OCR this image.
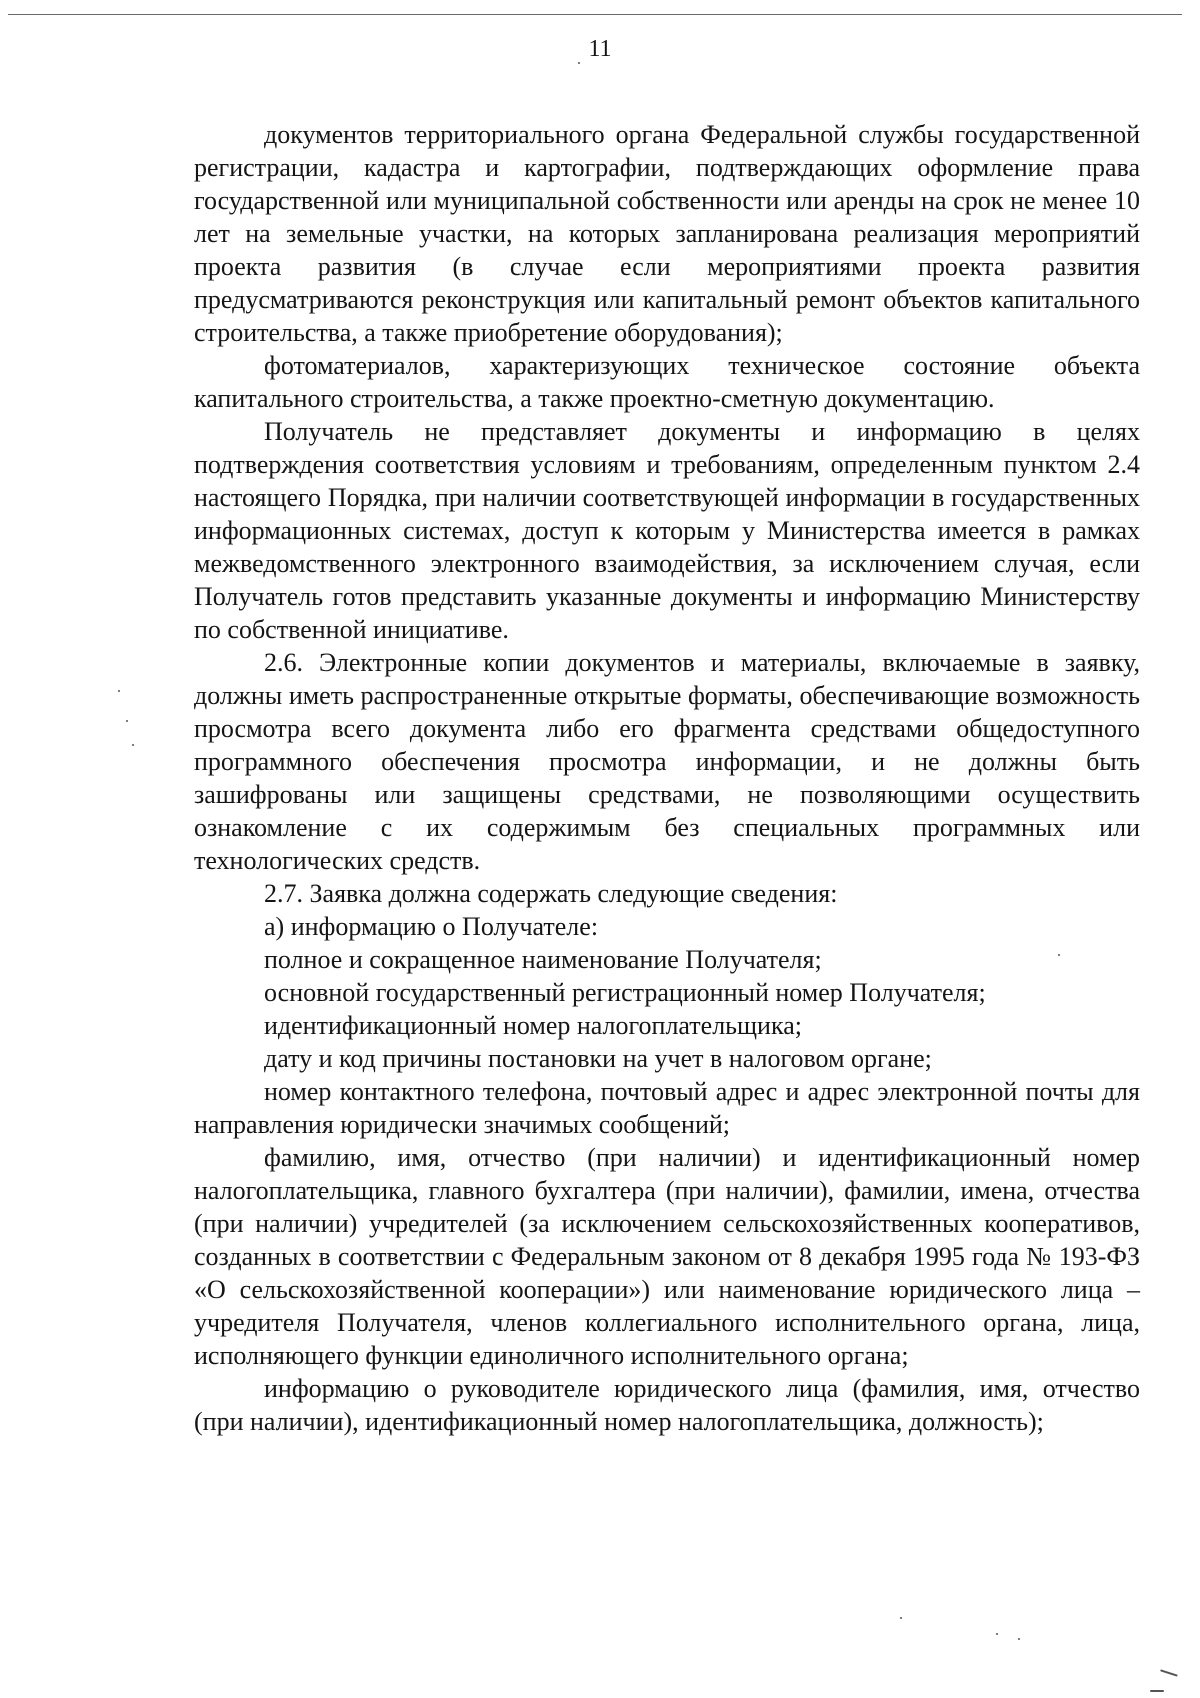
11

документов территориального органа Федеральной службы государственной регистрации, кадастра и картографии, подтверждающих оформление права государственной или муниципальной собственности или аренды на срок не менее 10 лет на земельные участки, на которых запланирована реализация мероприятий проекта развития (в случае если мероприятиями проекта развития предусматриваются реконструкция или капитальный ремонт объектов капитального строительства, а также приобретение оборудования);

фотоматериалов, характеризующих техническое состояние объекта капитального строительства, а также проектно-сметную документацию.

Получатель не представляет документы и информацию в целях подтверждения соответствия условиям и требованиям, определенным пунктом 2.4 настоящего Порядка, при наличии соответствующей информации в государственных информационных системах, доступ к которым у Министерства имеется в рамках межведомственного электронного взаимодействия, за исключением случая, если Получатель готов представить указанные документы и информацию Министерству по собственной инициативе.

2.6. Электронные копии документов и материалы, включаемые в заявку, должны иметь распространенные открытые форматы, обеспечивающие возможность просмотра всего документа либо его фрагмента средствами общедоступного программного обеспечения просмотра информации, и не должны быть зашифрованы или защищены средствами, не позволяющими осуществить ознакомление с их содержимым без специальных программных или технологических средств.

2.7. Заявка должна содержать следующие сведения:

а) информацию о Получателе:

полное и сокращенное наименование Получателя;

основной государственный регистрационный номер Получателя;

идентификационный номер налогоплательщика;

дату и код причины постановки на учет в налоговом органе;

номер контактного телефона, почтовый адрес и адрес электронной почты для направления юридически значимых сообщений;

фамилию, имя, отчество (при наличии) и идентификационный номер налогоплательщика, главного бухгалтера (при наличии), фамилии, имена, отчества (при наличии) учредителей (за исключением сельскохозяйственных кооперативов, созданных в соответствии с Федеральным законом от 8 декабря 1995 года № 193-ФЗ «О сельскохозяйственной кооперации») или наименование юридического лица – учредителя Получателя, членов коллегиального исполнительного органа, лица, исполняющего функции единоличного исполнительного органа;

информацию о руководителе юридического лица (фамилия, имя, отчество (при наличии), идентификационный номер налогоплательщика, должность);
